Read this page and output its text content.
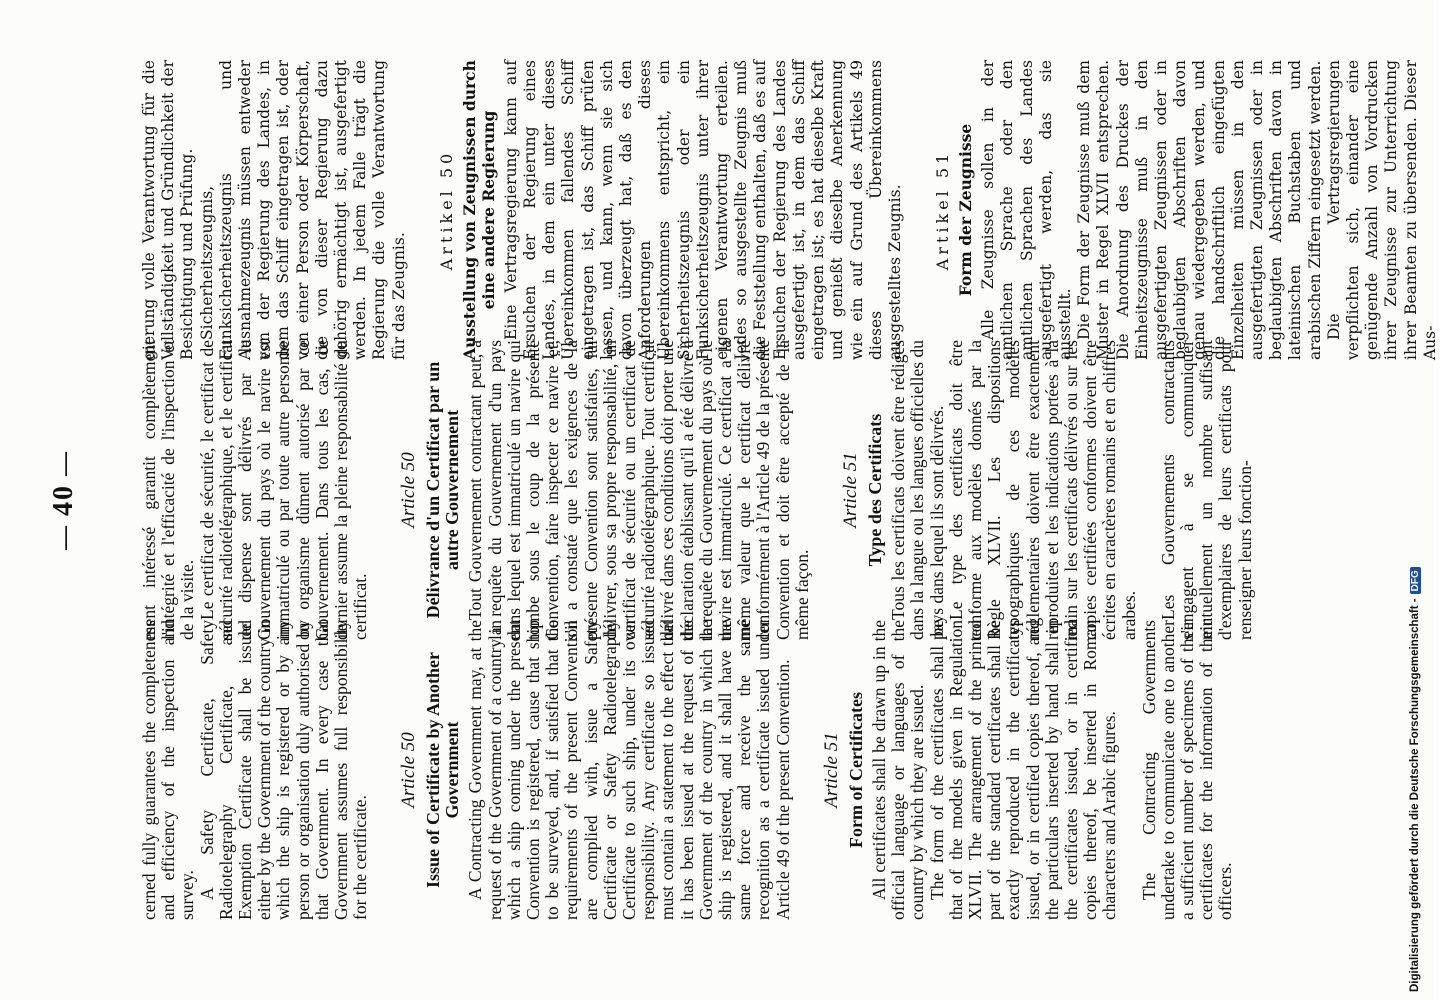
— 40 —

cerned fully guarantees the completeness and efficiency of the inspection and survey. A Safety Certificate, Safety Radiotelegraphy Certificate, and Exemption Certificate shall be issued either by the Government of the country in which the ship is registered or by any person or organisation duly authorised by that Government. In every case that Government assumes full responsibility for the certificate.

Article 50 Issue of Certificate by Another Government A Contracting Government may, at the request of the Government of a country in which a ship coming under the present Convention is registered, cause that ship to be surveyed, and, if satisfied that the requirements of the present Convention are complied with, issue a Safety Certificate or Safety Radiotelegraphy Certificate to such ship, under its own responsibility. Any certificate so issued must contain a statement to the effect that it has been issued at the request of the Government of the country in which the ship is registered, and it shall have the same force and receive the same recognition as a certificate issued under Article 49 of the present Convention. Article 51 Form of Certificates All certificates shall be drawn up in the official language or languages of the country by which they are issued. The form of the certificates shall be that of the models given in Regulation XLVII. The arrangement of the printed part of the standard certificates shall be exactly reproduced in the certificates issued, or in certified copies thereof, and the particulars inserted by hand shall in the certificates issued, or in certified copies thereof, be inserted in Roman characters and Arabic figures. The Contracting Governments undertake to communicate one to another a sufficient number of specimens of their certificates for the information of their officers.

ment intéressé garantit complètement l'intégrité et l'efficacité de l'inspection et de la visite. Le certificat de sécurité, le certificat de sécurité radiotélégraphique, et le certificat de dispense sont délivrés par le Gouvernement du pays où le navire est immatriculé ou par toute autre personne ou organisme dûment autorisé par ce Gouvernement. Dans tous les cas, ce dernier assume la pleine responsabilité du certificat.

Article 50 Délivrance d'un Certificat par un autre Gouvernement Tout Gouvernement contractant peut, à la requête du Gouvernement d'un pays dans lequel est immatriculé un navire qui tombe sous le coup de la présente Convention, faire inspecter ce navire et, s'il a constaté que les exigences de la présente Convention sont satisfaites, lui délivrer, sous sa propre responsabilité, un certificat de sécurité ou un certificat de sécurité radiotélégraphique. Tout certificat délivré dans ces conditions doit porter une déclaration établissant qu'il a été délivré à la requête du Gouvernement du pays où le navire est immatriculé. Ce certificat a la même valeur que le certificat délivré conformément à l'Article 49 de la présente Convention et doit être accepté de la même façon.

Article 51 Type des Certificats Tous les certificats doivent être rédigés dans la langue ou les langues officielles du pays dans lequel ils sont délivrés. Le type des certificats doit être conforme aux modèles donnés par la Règle XLVII. Les dispositions typographiques de ces modèles réglementaires doivent être exactement reproduites et les indications portées à la main sur les certificats délivrés ou sur les copies certifiées conformes doivent être écrites en caractères romains et en chiffres arabes. Les Gouvernements contractants s'engagent à se communiquer mutuellement un nombre suffisant d'exemplaires de leurs certificats pour renseigner leurs fonction-

gierung volle Verantwortung für die Vollständigkeit und Gründlichkeit der Besichtigung und Prüfung. Sicherheitszeugnis, Funksicherheitszeugnis und Ausnahmezeugnis müssen entweder von der Regierung des Landes, in dem das Schiff eingetragen ist, oder von einer Person oder Körperschaft, die von dieser Regierung dazu gehörig ermächtigt ist, ausgefertigt werden. In jedem Falle trägt die Regierung die volle Verantwortung für das Zeugnis.

Artikel 50 Ausstellung von Zeugnissen durch eine andere Regierung Eine Vertragsregierung kann auf Ersuchen der Regierung eines Landes, in dem ein unter dieses Übereinkommen fallendes Schiff eingetragen ist, das Schiff prüfen lassen, und kann, wenn sie sich davon überzeugt hat, daß es den Anforderungen dieses Übereinkommens entspricht, ein Sicherheitszeugnis oder ein Funksicherheitszeugnis unter ihrer eigenen Verantwortung erteilen. Jedes so ausgestellte Zeugnis muß die Feststellung enthalten, daß es auf Ersuchen der Regierung des Landes ausgefertigt ist, in dem das Schiff eingetragen ist; es hat dieselbe Kraft und genießt dieselbe Anerkennung wie ein auf Grund des Artikels 49 dieses Übereinkommens ausgestelltes Zeugnis. Artikel 51 Form der Zeugnisse Alle Zeugnisse sollen in der amtlichen Sprache oder den amtlichen Sprachen des Landes ausgefertigt werden, das sie ausstellt. Die Form der Zeugnisse muß dem Muster in Regel XLVII entsprechen. Die Anordnung des Druckes der Einheitszeugnisse muß in den ausgefertigten Zeugnissen oder in beglaubigten Abschriften davon genau wiedergegeben werden, und die handschriftlich eingefügten Einzelheiten müssen in den ausgefertigten Zeugnissen oder in beglaubigten Abschriften davon in lateinischen Buchstaben und arabischen Ziffern eingesetzt werden. Die Vertragsregierungen verpflichten sich, einander eine genügende Anzahl von Vordrucken ihrer Zeugnisse zur Unterrichtung ihrer Beamten zu übersenden. Dieser Aus-

Digitalisierung gefördert durch die Deutsche Forschungsgemeinschaft -
DFG
